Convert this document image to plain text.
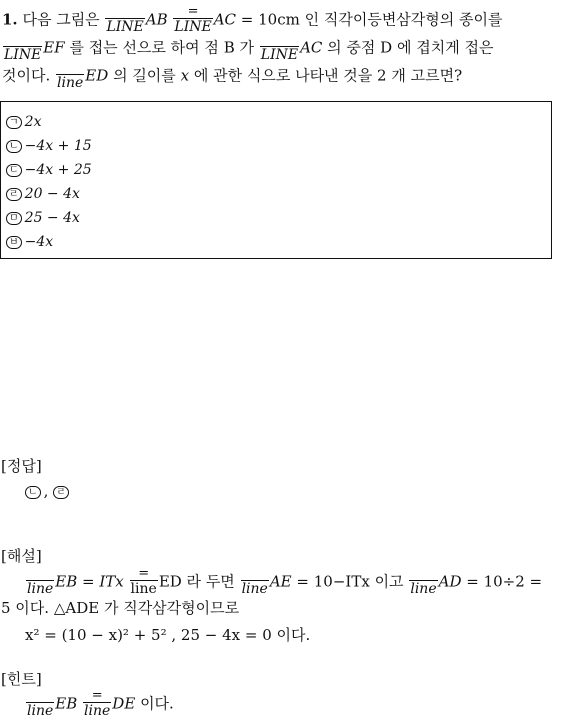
1. 다음 그림은 LINE AB $\frac{=}{\text{LINE}}$ AC = 10cm 인 직각이등변삼각형의 종이를
LINE EF 를 접는 선으로 하여 점 B 가 LINE AC 의 중점 D 에 겹치게 접은
것이다. line ED 의 길이를 x 에 관한 식으로 나타낸 것을 2 개 고르면?
ㄱ 2x
ㄴ −4x + 15
ㄷ −4x + 25
ㄹ 20 − 4x
ㅁ 25 − 4x
ㅂ −4x
[정답]
ㄴ , ㄹ
[해설]
line EB = ITx $\frac{=}{\text{line}}$ ED 라 두면 line AE = 10−ITx 이고 line AD = 10÷2 =
5 이다. △ADE 가 직각삼각형이므로
x² = (10 − x)² + 5² , 25 − 4x = 0 이다.
[힌트]
line EB $\frac{=}{\text{line}}$ DE 이다.
